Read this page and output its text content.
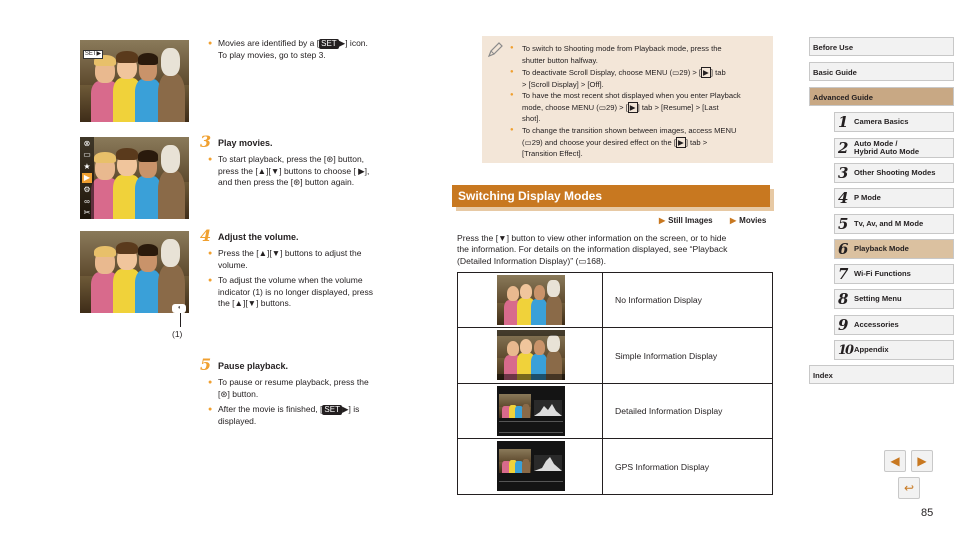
SET▶
● Movies are identified by a [ SET ▶] icon.
To play movies, go to step 3.
⊗
▭
★
▶
⚙
∞
✂
3 Play movies.
● To start playback, press the [⊛] button,
press the [▲][▼] buttons to choose [ ▶],
and then press the [⊛] button again.
◖
(1)
4 Adjust the volume.
● Press the [▲][▼] buttons to adjust the
volume.
● To adjust the volume when the volume
indicator (1) is no longer displayed, press
the [▲][▼] buttons.
5 Pause playback.
● To pause or resume playback, press the
[⊛] button.
● After the movie is finished, [ SET ▶] is
displayed.
● To switch to Shooting mode from Playback mode, press the
shutter button halfway.
● To deactivate Scroll Display, choose MENU (▭29) > [ ▶ ] tab
> [Scroll Display] > [Off].
● To have the most recent shot displayed when you enter Playback
mode, choose MENU (▭29) > [ ▶ ] tab > [Resume] > [Last
shot].
● To change the transition shown between images, access MENU
(▭29) and choose your desired effect on the [ ▶ ] tab >
[Transition Effect].
Switching Display Modes
▶ Still Images	▶ Movies
Press the [▼] button to view other information on the screen, or to hide
the information. For details on the information displayed, see “Playback
(Detailed Information Display)” (▭168).
	No Information Display

	Simple Information Display

	Detailed Information Display

	GPS Information Display
Before Use
Basic Guide
Advanced Guide
1 Camera Basics
2 Auto Mode /
Hybrid Auto Mode
3 Other Shooting Modes
4 P Mode
5 Tv, Av, and M Mode
6 Playback Mode
7 Wi-Fi Functions
8 Setting Menu
9 Accessories
10 Appendix
Index
◀	▶
↩
85
